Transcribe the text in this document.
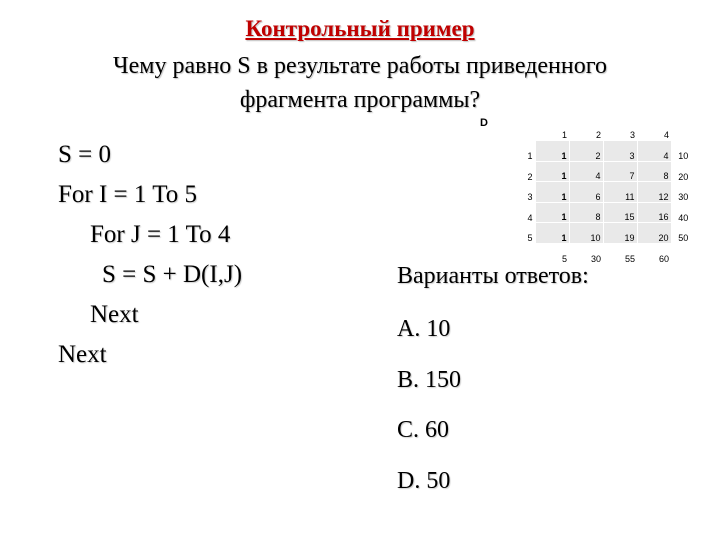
Контрольный пример
Чему равно S в результате работы приведенного
фрагмента программы?
S = 0
For I = 1 To 5
For J = 1 To 4
S = S + D(I,J)
Next
Next
D
	1	2	3	4	
1	1	2	3	4	10
2	1	4	7	8	20
3	1	6	11	12	30
4	1	8	15	16	40
5	1	10	19	20	50
	5	30	55	60	
Варианты ответов:
A. 10
B. 150
C. 60
D. 50
